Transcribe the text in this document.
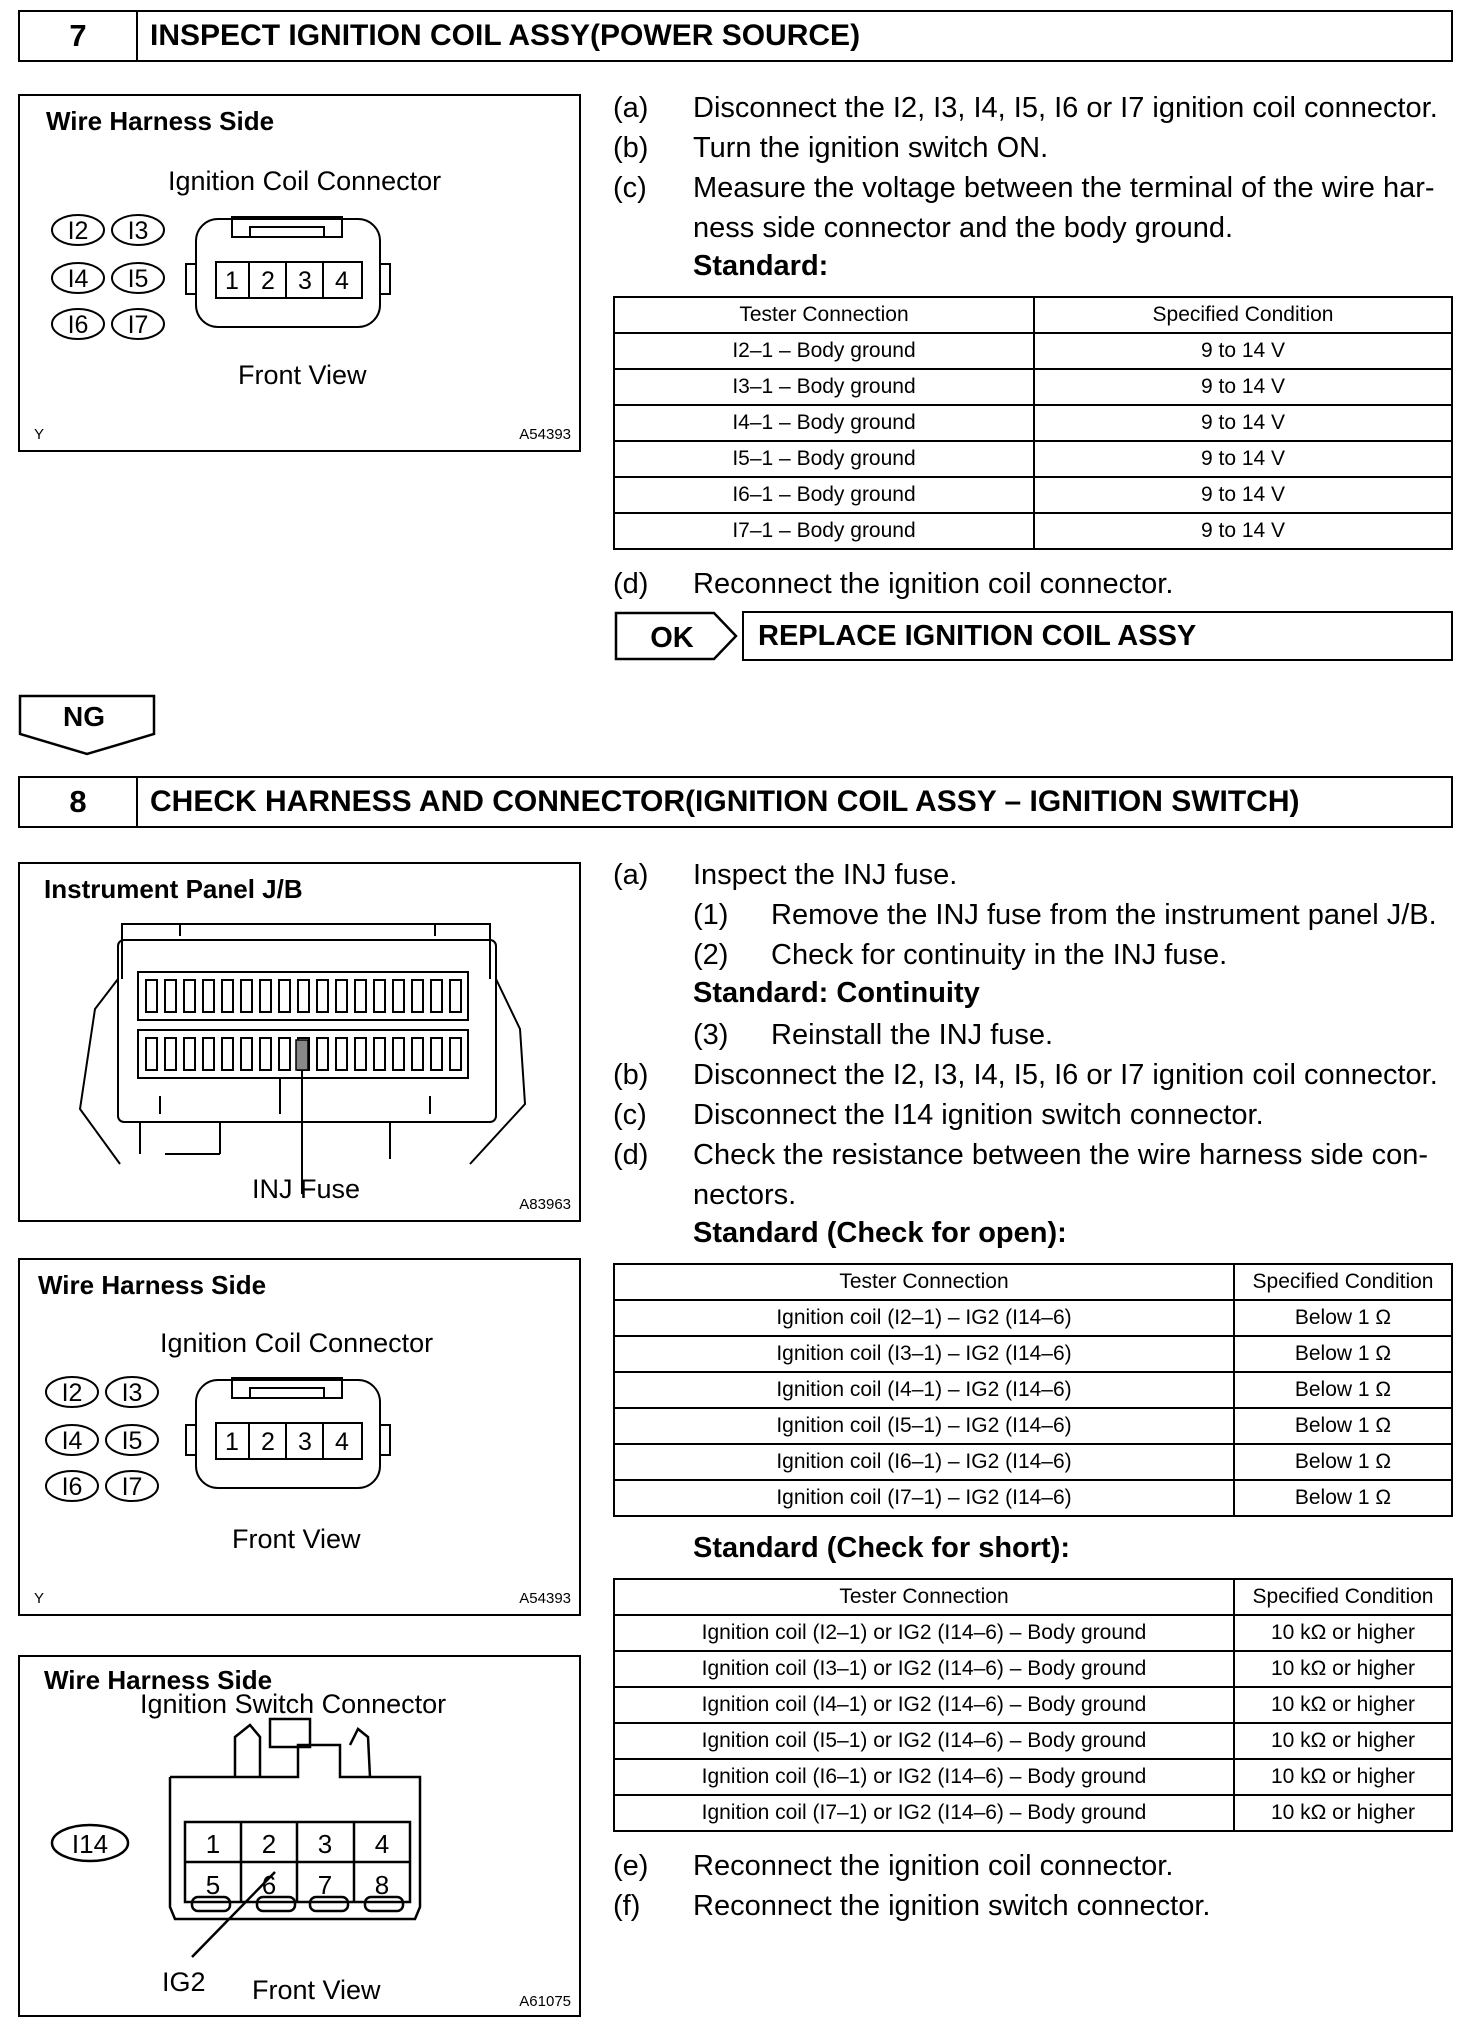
7	INSPECT IGNITION COIL ASSY(POWER SOURCE)
Wire Harness Side
Ignition Coil Connector
I2 I3
I4 I5
I6 I7
1 2 3 4
Front View
Y	A54393
(a) Disconnect the I2, I3, I4, I5, I6 or I7 ignition coil connector.
(b) Turn the ignition switch ON.
(c) Measure the voltage between the terminal of the wire har-
ness side connector and the body ground.
Standard:
Tester Connection	Specified Condition
I2–1 – Body ground	9 to 14 V
I3–1 – Body ground	9 to 14 V
I4–1 – Body ground	9 to 14 V
I5–1 – Body ground	9 to 14 V
I6–1 – Body ground	9 to 14 V
I7–1 – Body ground	9 to 14 V
(d) Reconnect the ignition coil connector.
OK	REPLACE IGNITION COIL ASSY
NG
8	CHECK HARNESS AND CONNECTOR(IGNITION COIL ASSY – IGNITION SWITCH)
Instrument Panel J/B
INJ Fuse
A83963
Wire Harness Side
Ignition Coil Connector
I2 I3
I4 I5
I6 I7
1 2 3 4
Front View
Y	A54393
Wire Harness Side
Ignition Switch Connector
I14	1 2 3 4
5 6 7 8
IG2 Front View	A61075
(a) Inspect the INJ fuse.
(1) Remove the INJ fuse from the instrument panel J/B.
(2) Check for continuity in the INJ fuse.
Standard: Continuity
(3) Reinstall the INJ fuse.
(b) Disconnect the I2, I3, I4, I5, I6 or I7 ignition coil connector.
(c) Disconnect the I14 ignition switch connector.
(d) Check the resistance between the wire harness side con-
nectors.
Standard (Check for open):
Tester Connection	Specified Condition
Ignition coil (I2–1) – IG2 (I14–6)	Below 1 Ω
Ignition coil (I3–1) – IG2 (I14–6)	Below 1 Ω
Ignition coil (I4–1) – IG2 (I14–6)	Below 1 Ω
Ignition coil (I5–1) – IG2 (I14–6)	Below 1 Ω
Ignition coil (I6–1) – IG2 (I14–6)	Below 1 Ω
Ignition coil (I7–1) – IG2 (I14–6)	Below 1 Ω
Standard (Check for short):
Tester Connection	Specified Condition
Ignition coil (I2–1) or IG2 (I14–6) – Body ground	10 kΩ or higher
Ignition coil (I3–1) or IG2 (I14–6) – Body ground	10 kΩ or higher
Ignition coil (I4–1) or IG2 (I14–6) – Body ground	10 kΩ or higher
Ignition coil (I5–1) or IG2 (I14–6) – Body ground	10 kΩ or higher
Ignition coil (I6–1) or IG2 (I14–6) – Body ground	10 kΩ or higher
Ignition coil (I7–1) or IG2 (I14–6) – Body ground	10 kΩ or higher
(e) Reconnect the ignition coil connector.
(f) Reconnect the ignition switch connector.
